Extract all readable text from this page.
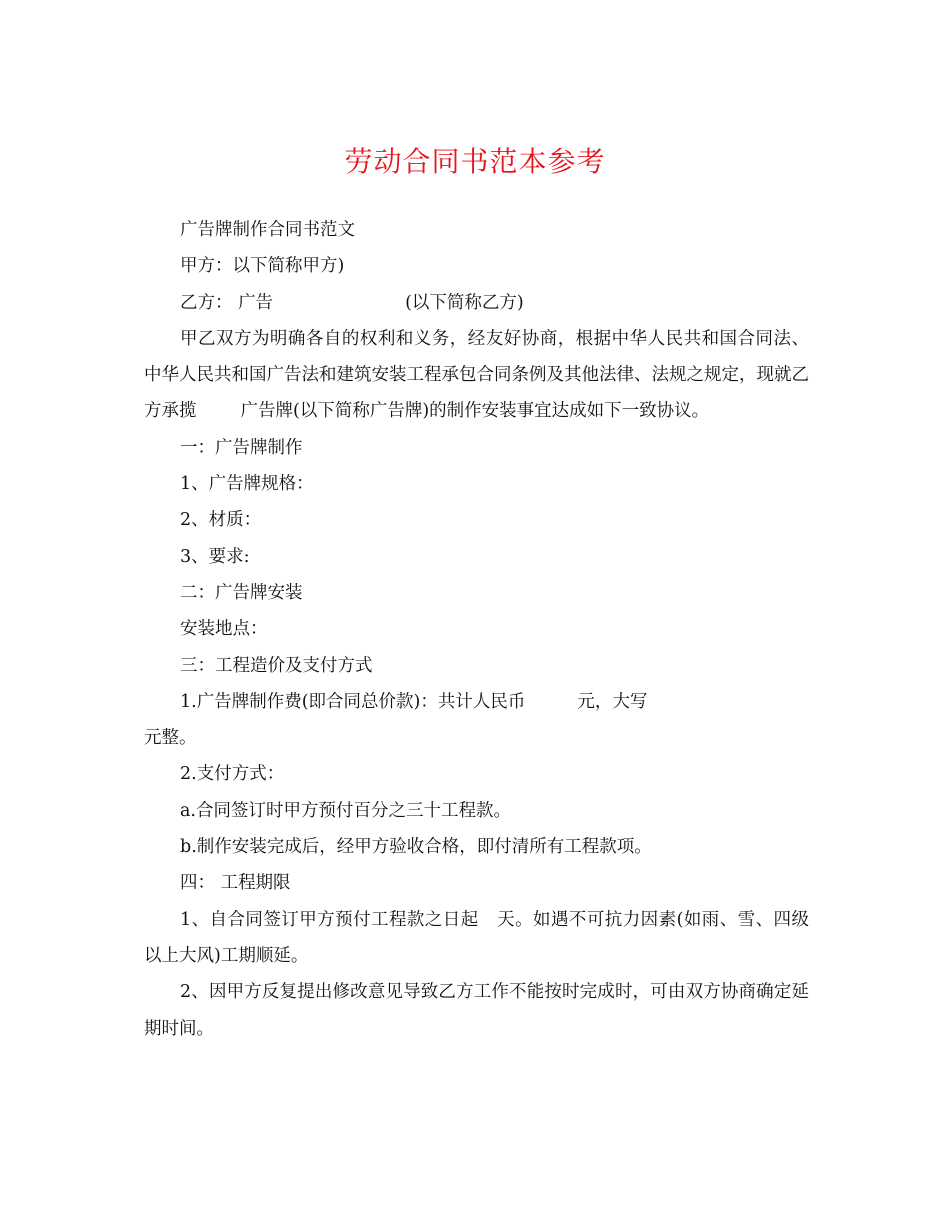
劳动合同书范本参考

广告牌制作合同书范文

甲方：以下简称甲方)

乙方： 广告	(以下简称乙方)

甲乙双方为明确各自的权利和义务，经友好协商，根据中华人民共和国合同法、中华人民共和国广告法和建筑安装工程承包合同条例及其他法律、法规之规定，现就乙方承揽	广告牌(以下简称广告牌)的制作安装事宜达成如下一致协议。

一：广告牌制作

1、广告牌规格：

2、材质：

3、要求:

二：广告牌安装

安装地点：

三：工程造价及支付方式

1.广告牌制作费(即合同总价款)：共计人民币	元，大写

元整。

2.支付方式：

a.合同签订时甲方预付百分之三十工程款。

b.制作安装完成后，经甲方验收合格，即付清所有工程款项。

四： 工程期限

1、自合同签订甲方预付工程款之日起 天。如遇不可抗力因素(如雨、雪、四级以上大风)工期顺延。

2、因甲方反复提出修改意见导致乙方工作不能按时完成时，可由双方协商确定延期时间。
